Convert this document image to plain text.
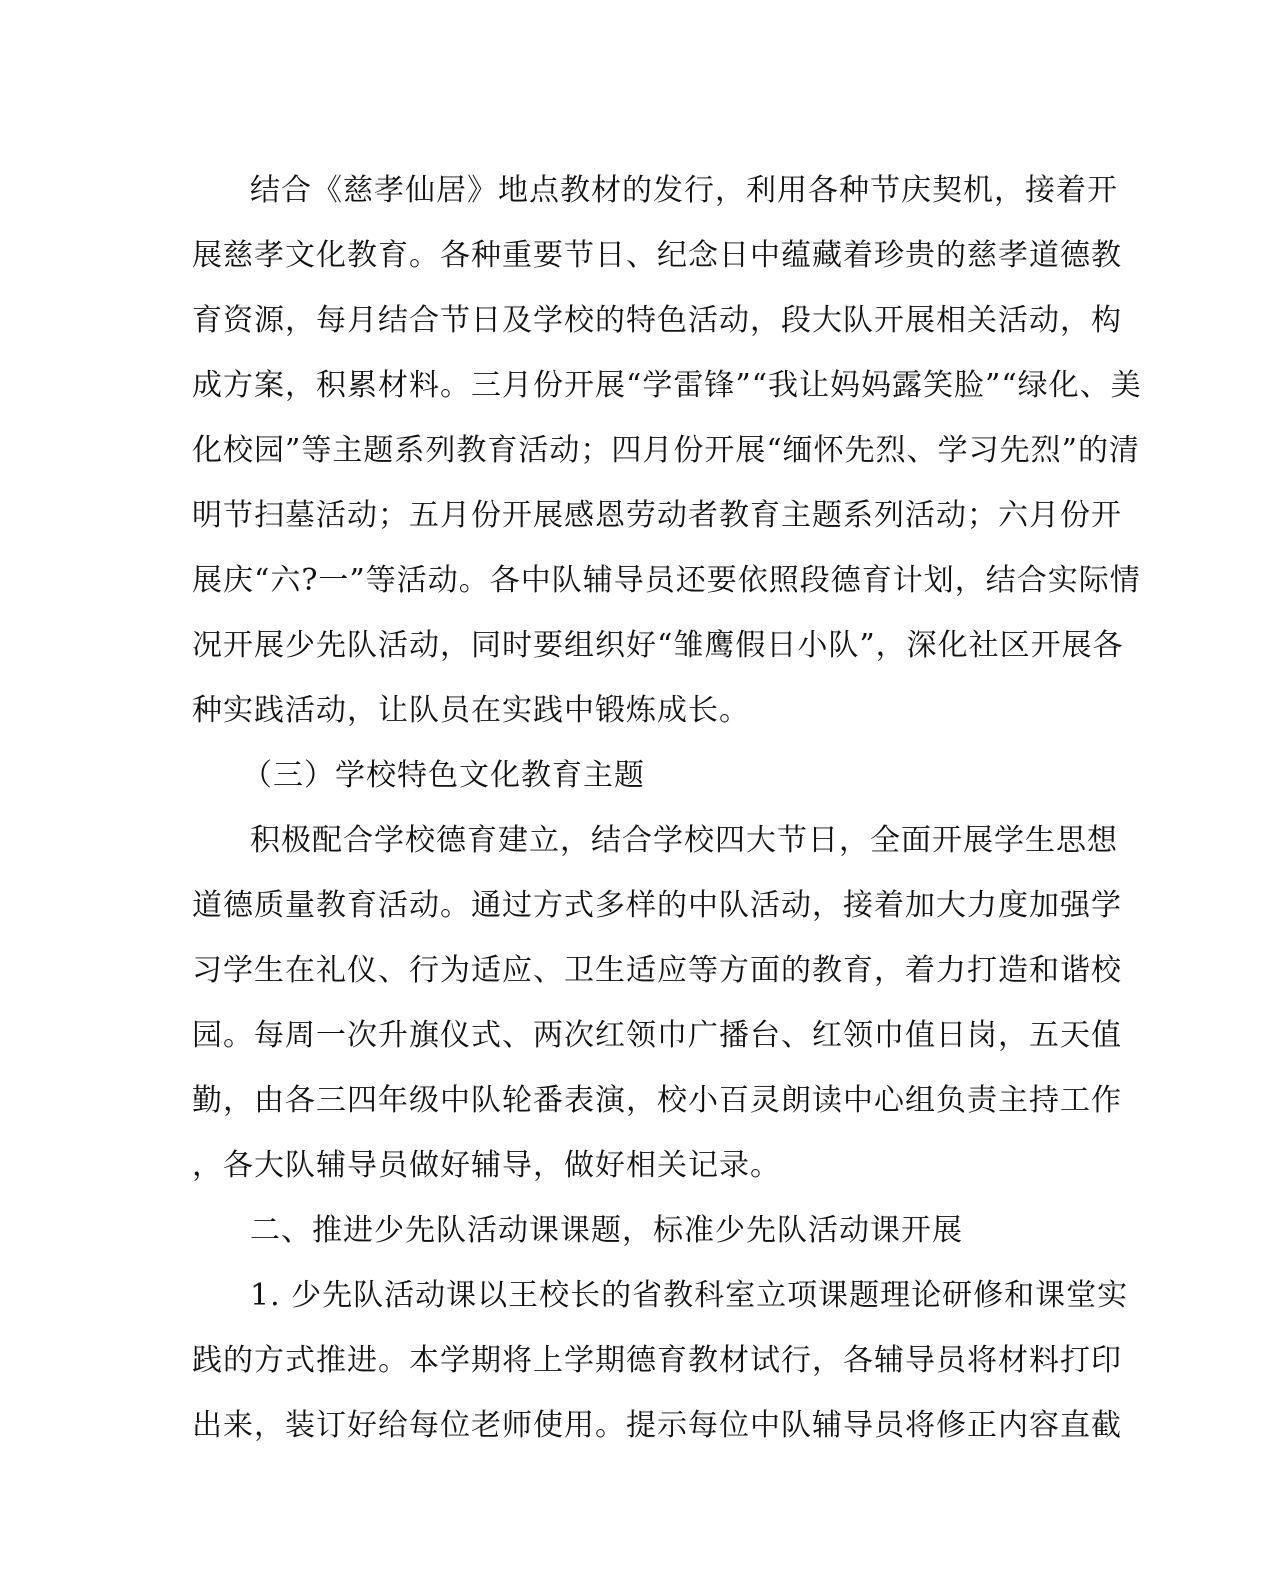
结合《慈孝仙居》地点教材的发行，利用各种节庆契机，接着开
展慈孝文化教育。各种重要节日、纪念日中蕴藏着珍贵的慈孝道德教
育资源，每月结合节日及学校的特色活动，段大队开展相关活动，构
成方案，积累材料。三月份开展“学雷锋”“我让妈妈露笑脸”“绿化、美
化校园”等主题系列教育活动；四月份开展“缅怀先烈、学习先烈”的清
明节扫墓活动；五月份开展感恩劳动者教育主题系列活动；六月份开
展庆“六?一”等活动。各中队辅导员还要依照段德育计划，结合实际情
况开展少先队活动，同时要组织好“雏鹰假日小队”，深化社区开展各
种实践活动，让队员在实践中锻炼成长。
（三）学校特色文化教育主题
积极配合学校德育建立，结合学校四大节日，全面开展学生思想
道德质量教育活动。通过方式多样的中队活动，接着加大力度加强学
习学生在礼仪、行为适应、卫生适应等方面的教育，着力打造和谐校
园。每周一次升旗仪式、两次红领巾广播台、红领巾值日岗，五天值
勤，由各三四年级中队轮番表演，校小百灵朗读中心组负责主持工作
，各大队辅导员做好辅导，做好相关记录。
二、推进少先队活动课课题，标准少先队活动课开展
1. 少先队活动课以王校长的省教科室立项课题理论研修和课堂实
践的方式推进。本学期将上学期德育教材试行，各辅导员将材料打印
出来，装订好给每位老师使用。提示每位中队辅导员将修正内容直截
